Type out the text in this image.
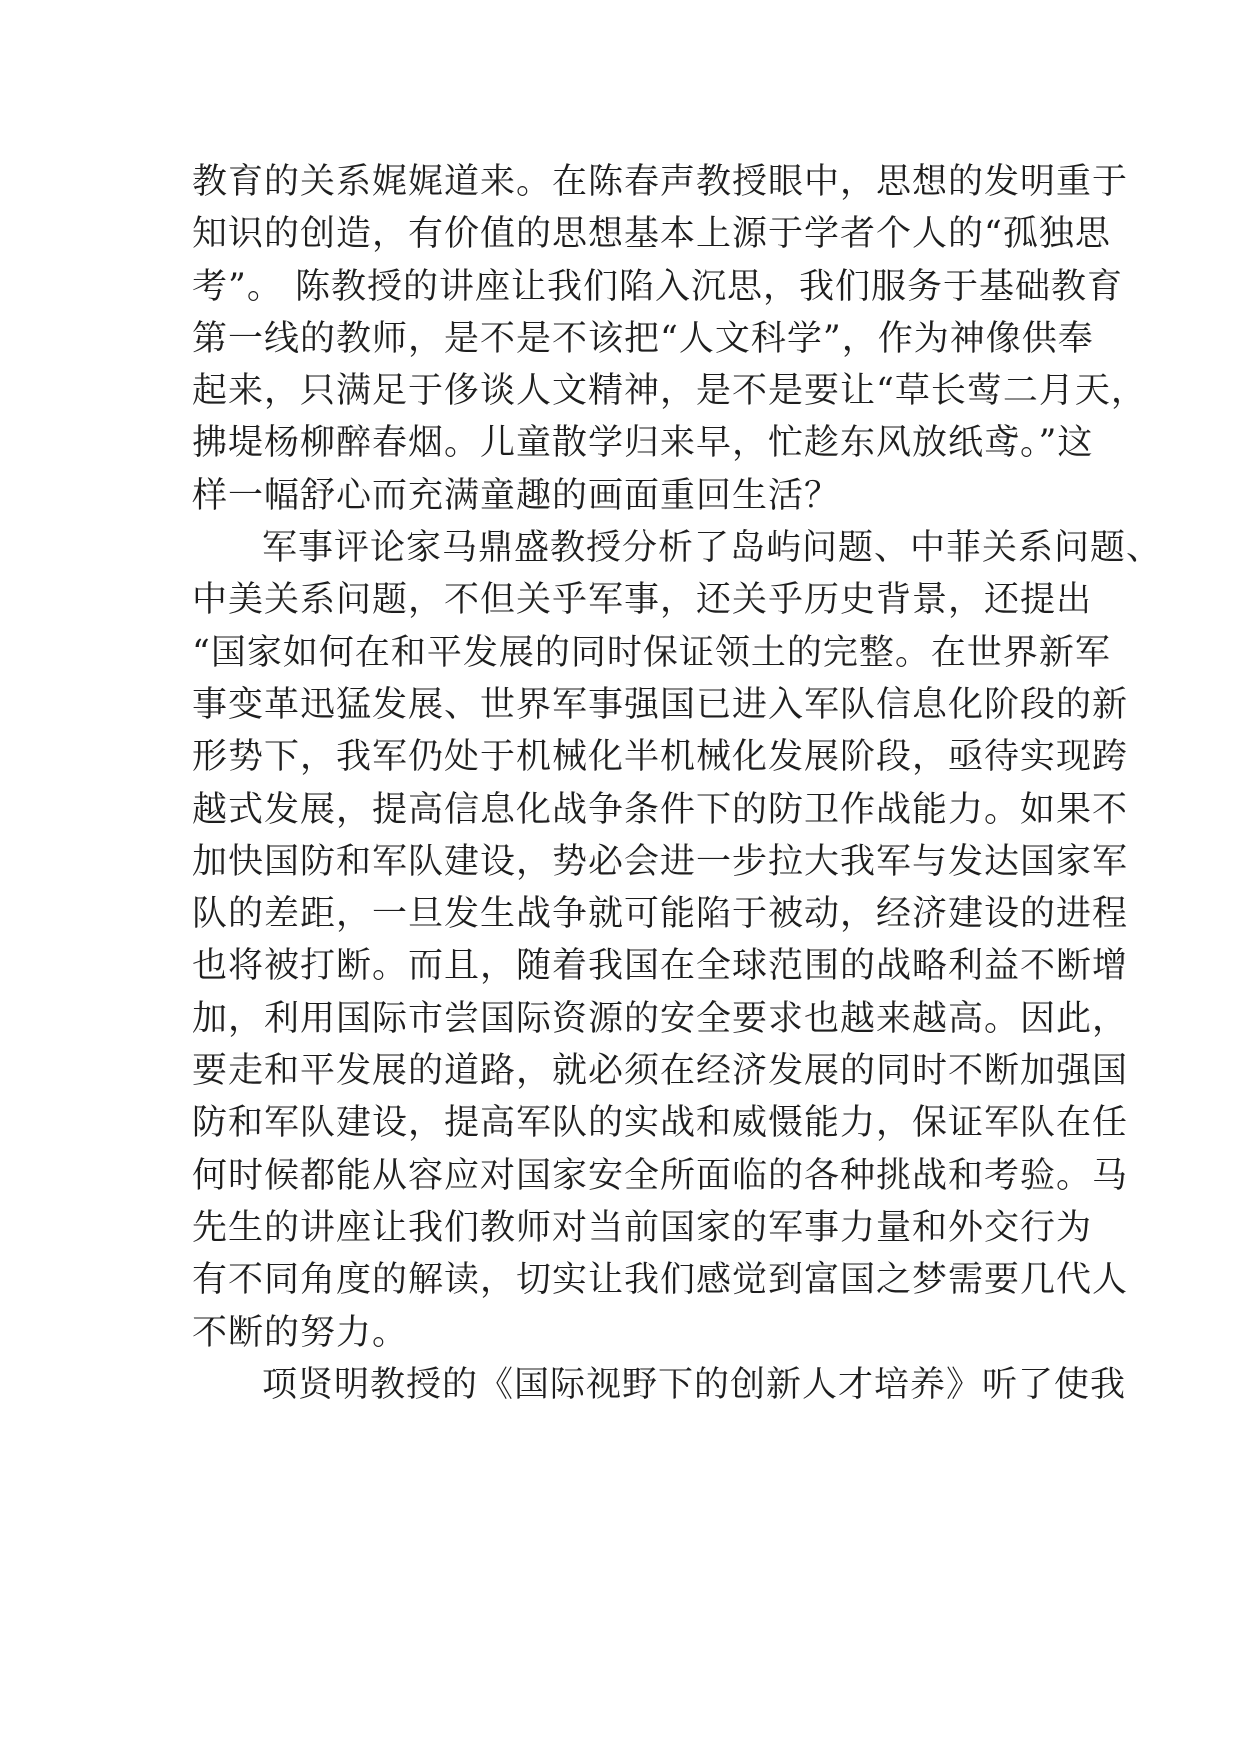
教育的关系娓娓道来。在陈春声教授眼中，思想的发明重于
知识的创造，有价值的思想基本上源于学者个人的“孤独思
考”。 陈教授的讲座让我们陷入沉思，我们服务于基础教育
第一线的教师，是不是不该把“人文科学”，作为神像供奉
起来，只满足于侈谈人文精神，是不是要让“草长莺二月天，
拂堤杨柳醉春烟。儿童散学归来早，忙趁东风放纸鸢。”这
样一幅舒心而充满童趣的画面重回生活？
军事评论家马鼎盛教授分析了岛屿问题、中菲关系问题、
中美关系问题，不但关乎军事，还关乎历史背景，还提出
“国家如何在和平发展的同时保证领土的完整。在世界新军
事变革迅猛发展、世界军事强国已进入军队信息化阶段的新
形势下，我军仍处于机械化半机械化发展阶段，亟待实现跨
越式发展，提高信息化战争条件下的防卫作战能力。如果不
加快国防和军队建设，势必会进一步拉大我军与发达国家军
队的差距，一旦发生战争就可能陷于被动，经济建设的进程
也将被打断。而且，随着我国在全球范围的战略利益不断增
加，利用国际市尝国际资源的安全要求也越来越高。因此，
要走和平发展的道路，就必须在经济发展的同时不断加强国
防和军队建设，提高军队的实战和威慑能力，保证军队在任
何时候都能从容应对国家安全所面临的各种挑战和考验。马
先生的讲座让我们教师对当前国家的军事力量和外交行为
有不同角度的解读，切实让我们感觉到富国之梦需要几代人
不断的努力。
项贤明教授的《国际视野下的创新人才培养》听了使我
